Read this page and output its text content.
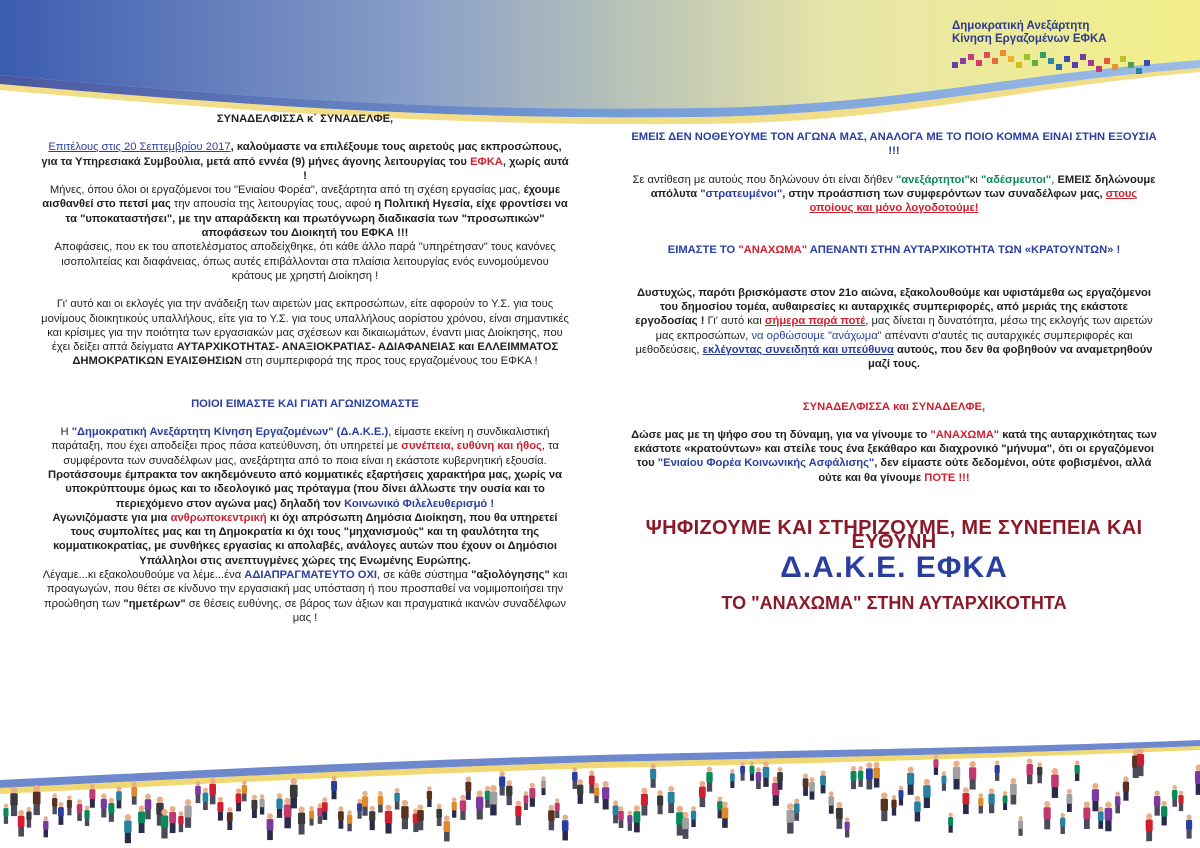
Δημοκρατική Ανεξάρτητη
Κίνηση Εργαζομένων ΕΦΚΑ

ΣΥΝΑΔΕΛΦΙΣΣΑ κ΄ ΣΥΝΑΔΕΛΦΕ,

Επιτέλους στις 20 Σεπτεμβρίου 2017, καλούμαστε να επιλέξουμε τους αιρετούς μας εκπροσώπους, για τα Υπηρεσιακά Συμβούλια, μετά από εννέα (9) μήνες άγονης λειτουργίας του ΕΦΚΑ, χωρίς αυτά !

Μήνες, όπου όλοι οι εργαζόμενοι του "Ενιαίου Φορέα", ανεξάρτητα από τη σχέση εργασίας μας, έχουμε αισθανθεί στο πετσί μας την απουσία της λειτουργίας τους, αφού η Πολιτική Ηγεσία, είχε φροντίσει να τα "υποκαταστήσει", με την απαράδεκτη και πρωτόγνωρη διαδικασία των "προσωπικών" αποφάσεων του Διοικητή του ΕΦΚΑ !!!

Αποφάσεις, που εκ του αποτελέσματος αποδείχθηκε, ότι κάθε άλλο παρά "υπηρέτησαν" τους κανόνες ισοπολιτείας και διαφάνειας, όπως αυτές επιβάλλονται στα πλαίσια λειτουργίας ενός ευνομούμενου κράτους με χρηστή Διοίκηση !

Γι' αυτό και οι εκλογές για την ανάδειξη των αιρετών μας εκπροσώπων, είτε αφορούν το Υ.Σ. για τους μονίμους διοικητικούς υπαλλήλους, είτε για το Υ.Σ. για τους υπαλλήλους αορίστου χρόνου, είναι σημαντικές και κρίσιμες για την ποιότητα των εργασιακών μας σχέσεων και δικαιωμάτων, έναντι μιας Διοίκησης, που έχει δείξει απτά δείγματα ΑΥΤΑΡΧΙΚΟΤΗΤΑΣ- ΑΝΑΞΙΟΚΡΑΤΙΑΣ- ΑΔΙΑΦΑΝΕΙΑΣ και ΕΛΛΕΙΜΜΑΤΟΣ ΔΗΜΟΚΡΑΤΙΚΩΝ ΕΥΑΙΣΘΗΣΙΩΝ στη συμπεριφορά της προς τους εργαζομένους του ΕΦΚΑ !

ΠΟΙΟΙ ΕΙΜΑΣΤΕ ΚΑΙ ΓΙΑΤΙ ΑΓΩΝΙΖΟΜΑΣΤΕ

Η "Δημοκρατική Ανεξάρτητη Κίνηση Εργαζομένων" (Δ.Α.Κ.Ε.), είμαστε εκείνη η συνδικαλιστική παράταξη, που έχει αποδείξει προς πάσα κατεύθυνση, ότι υπηρετεί με συνέπεια, ευθύνη και ήθος, τα συμφέροντα των συναδέλφων μας, ανεξάρτητα από το ποια είναι η εκάστοτε κυβερνητική εξουσία.

Προτάσσουμε έμπρακτα τον ακηδεμόνευτο από κομματικές εξαρτήσεις χαρακτήρα μας, χωρίς να υποκρύπτουμε όμως και το ιδεολογικό μας πρόταγμα (που δίνει άλλωστε την ουσία και το περιεχόμενο στον αγώνα μας) δηλαδή τον Κοινωνικό Φιλελευθερισμό !

Αγωνιζόμαστε για μια ανθρωποκεντρική κι όχι απρόσωπη Δημόσια Διοίκηση, που θα υπηρετεί τους συμπολίτες μας και τη Δημοκρατία κι όχι τους "μηχανισμούς" και τη φαυλότητα της κομματικοκρατίας, με συνθήκες εργασίας κι απολαβές, ανάλογες αυτών που έχουν οι Δημόσιοι Υπάλληλοι στις ανεπτυγμένες χώρες της Ενωμένης Ευρώπης.

Λέγαμε...κι εξακολουθούμε να λέμε...ένα ΑΔΙΑΠΡΑΓΜΑΤΕΥΤΟ ΟΧΙ, σε κάθε σύστημα "αξιολόγησης" και προαγωγών, που θέτει σε κίνδυνο την εργασιακή μας υπόσταση ή που προσπαθεί να νομιμοποιήσει την προώθηση των "ημετέρων" σε θέσεις ευθύνης, σε βάρος των άξιων και πραγματικά ικανών συναδέλφων μας !

ΕΜΕΙΣ ΔΕΝ ΝΟΘΕΥΟΥΜΕ ΤΟΝ ΑΓΩΝΑ ΜΑΣ, ΑΝΑΛΟΓΑ ΜΕ ΤΟ ΠΟΙΟ ΚΟΜΜΑ ΕΙΝΑΙ ΣΤΗΝ ΕΞΟΥΣΙΑ !!!

Σε αντίθεση με αυτούς που δηλώνουν ότι είναι δήθεν "ανεξάρτητοι"κι "αδέσμευτοι", ΕΜΕΙΣ δηλώνουμε απόλυτα "στρατευμένοι", στην προάσπιση των συμφερόντων των συναδέλφων μας, στους οποίους και μόνο λογοδοτούμε!

ΕΙΜΑΣΤΕ ΤΟ "ΑΝΑΧΩΜΑ" ΑΠΕΝΑΝΤΙ ΣΤΗΝ ΑΥΤΑΡΧΙΚΟΤΗΤΑ ΤΩΝ «ΚΡΑΤΟΥΝΤΩΝ» !

Δυστυχώς, παρότι βρισκόμαστε στον 21ο αιώνα, εξακολουθούμε και υφιστάμεθα ως εργαζόμενοι του δημοσίου τομέα, αυθαιρεσίες κι αυταρχικές συμπεριφορές, από μεριάς της εκάστοτε εργοδοσίας ! Γι' αυτό και σήμερα παρά ποτέ, μας δίνεται η δυνατότητα, μέσω της εκλογής των αιρετών μας εκπροσώπων, να ορθώσουμε "ανάχωμα" απέναντι σ'αυτές τις αυταρχικές συμπεριφορές και μεθοδεύσεις, εκλέγοντας συνειδητά και υπεύθυνα αυτούς, που δεν θα φοβηθούν να αναμετρηθούν μαζί τους.

ΣΥΝΑΔΕΛΦΙΣΣΑ και ΣΥΝΑΔΕΛΦΕ,

Δώσε μας με τη ψήφο σου τη δύναμη, για να γίνουμε το "ΑΝΑΧΩΜΑ" κατά της αυταρχικότητας των εκάστοτε «κρατούντων» και στείλε τους ένα ξεκάθαρο και διαχρονικό "μήνυμα", ότι οι εργαζόμενοι του "Ενιαίου Φορέα Κοινωνικής Ασφάλισης", δεν είμαστε ούτε δεδομένοι, ούτε φοβισμένοι, αλλά ούτε και θα γίνουμε ΠΟΤΕ !!!

ΨΗΦΙΖΟΥΜΕ ΚΑΙ ΣΤΗΡΙΖΟΥΜΕ, ΜΕ ΣΥΝΕΠΕΙΑ ΚΑΙ ΕΥΘΥΝΗ

Δ.Α.Κ.Ε. ΕΦΚΑ

ΤΟ "ΑΝΑΧΩΜΑ" ΣΤΗΝ ΑΥΤΑΡΧΙΚΟΤΗΤΑ
